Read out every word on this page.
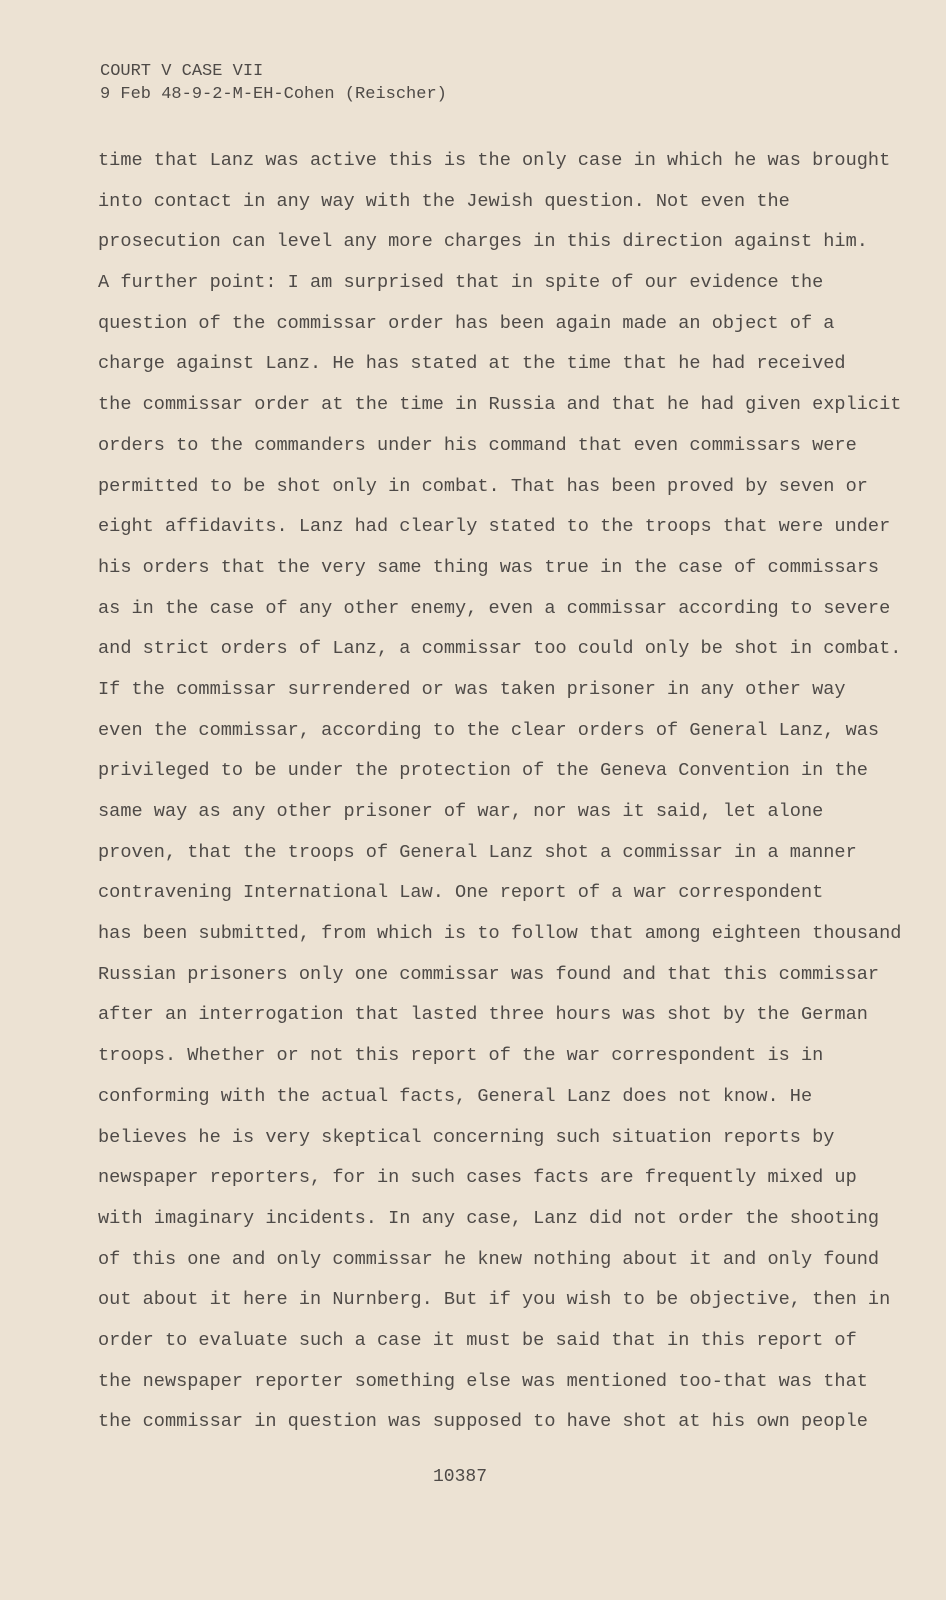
COURT V CASE VII
9 Feb 48-9-2-M-EH-Cohen (Reischer)
time that Lanz was active this is the only case in which he was brought
into contact in any way with the Jewish question. Not even the
prosecution can level any more charges in this direction against him.
A further point: I am surprised that in spite of our evidence the
question of the commissar order has been again made an object of a
charge against Lanz. He has stated at the time that he had received
the commissar order at the time in Russia and that he had given explicit
orders to the commanders under his command that even commissars were
permitted to be shot only in combat. That has been proved by seven or
eight affidavits. Lanz had clearly stated to the troops that were under
his orders that the very same thing was true in the case of commissars
as in the case of any other enemy, even a commissar according to severe
and strict orders of Lanz, a commissar too could only be shot in combat.
If the commissar surrendered or was taken prisoner in any other way
even the commissar, according to the clear orders of General Lanz, was
privileged to be under the protection of the Geneva Convention in the
same way as any other prisoner of war, nor was it said, let alone
proven, that the troops of General Lanz shot a commissar in a manner
contravening International Law. One report of a war correspondent
has been submitted, from which is to follow that among eighteen thousand
Russian prisoners only one commissar was found and that this commissar
after an interrogation that lasted three hours was shot by the German
troops. Whether or not this report of the war correspondent is in
conforming with the actual facts, General Lanz does not know. He
believes he is very skeptical concerning such situation reports by
newspaper reporters, for in such cases facts are frequently mixed up
with imaginary incidents. In any case, Lanz did not order the shooting
of this one and only commissar he knew nothing about it and only found
out about it here in Nurnberg. But if you wish to be objective, then in
order to evaluate such a case it must be said that in this report of
the newspaper reporter something else was mentioned too-that was that
the commissar in question was supposed to have shot at his own people
10387
